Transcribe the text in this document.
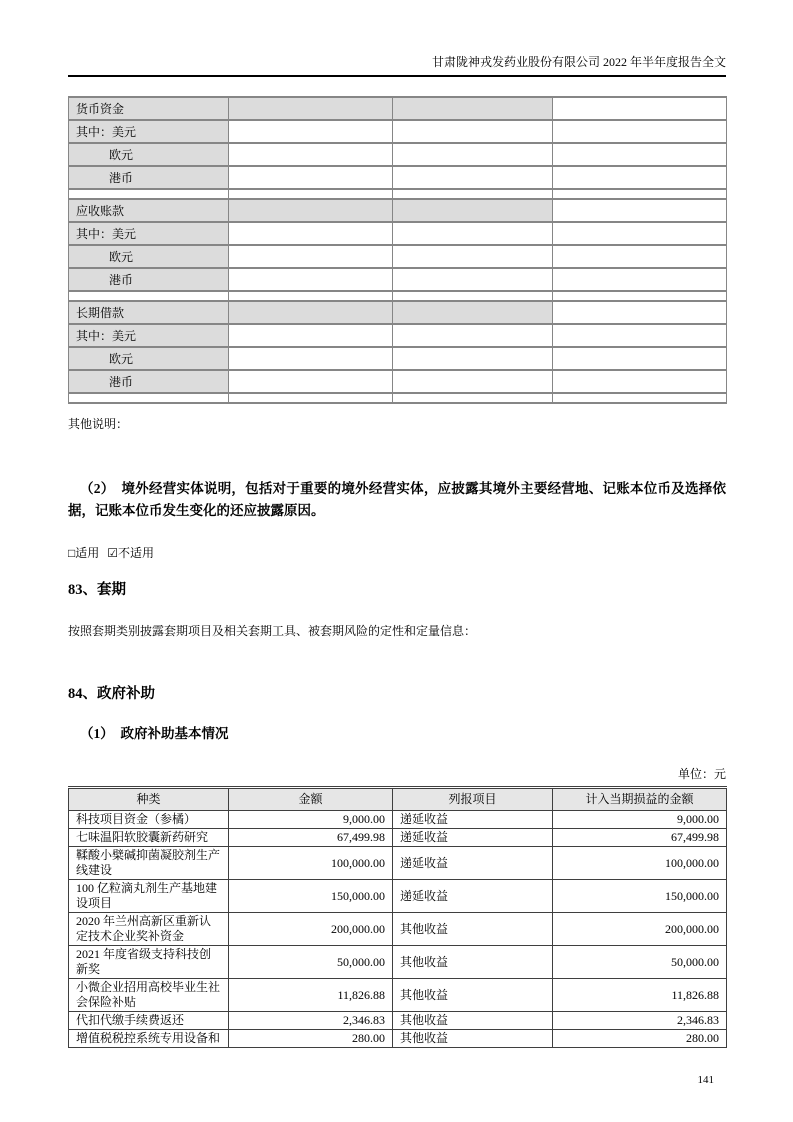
甘肃陇神戎发药业股份有限公司 2022 年半年度报告全文
货币资金			
其中：美元			
欧元			
港币			

应收账款			
其中：美元			
欧元			
港币			

长期借款			
其中：美元			
欧元			
港币			

其他说明：
（2）　境外经营实体说明，包括对于重要的境外经营实体，应披露其境外主要经营地、记账本位币及选择依据，记账本位币发生变化的还应披露原因。
□适用 ☑不适用
83、套期
按照套期类别披露套期项目及相关套期工具、被套期风险的定性和定量信息：
84、政府补助
（1）　政府补助基本情况
单位：元
种类	金额	列报项目	计入当期损益的金额
科技项目资金（参橘）	9,000.00	递延收益	9,000.00
七味温阳软胶囊新药研究	67,499.98	递延收益	67,499.98
鞣酸小檗碱抑菌凝胶剂生产线建设	100,000.00	递延收益	100,000.00
100 亿粒滴丸剂生产基地建设项目	150,000.00	递延收益	150,000.00
2020 年兰州高新区重新认定技术企业奖补资金	200,000.00	其他收益	200,000.00
2021 年度省级支持科技创新奖	50,000.00	其他收益	50,000.00
小微企业招用高校毕业生社会保险补贴	11,826.88	其他收益	11,826.88
代扣代缴手续费返还	2,346.83	其他收益	2,346.83
增值税税控系统专用设备和	280.00	其他收益	280.00
141
